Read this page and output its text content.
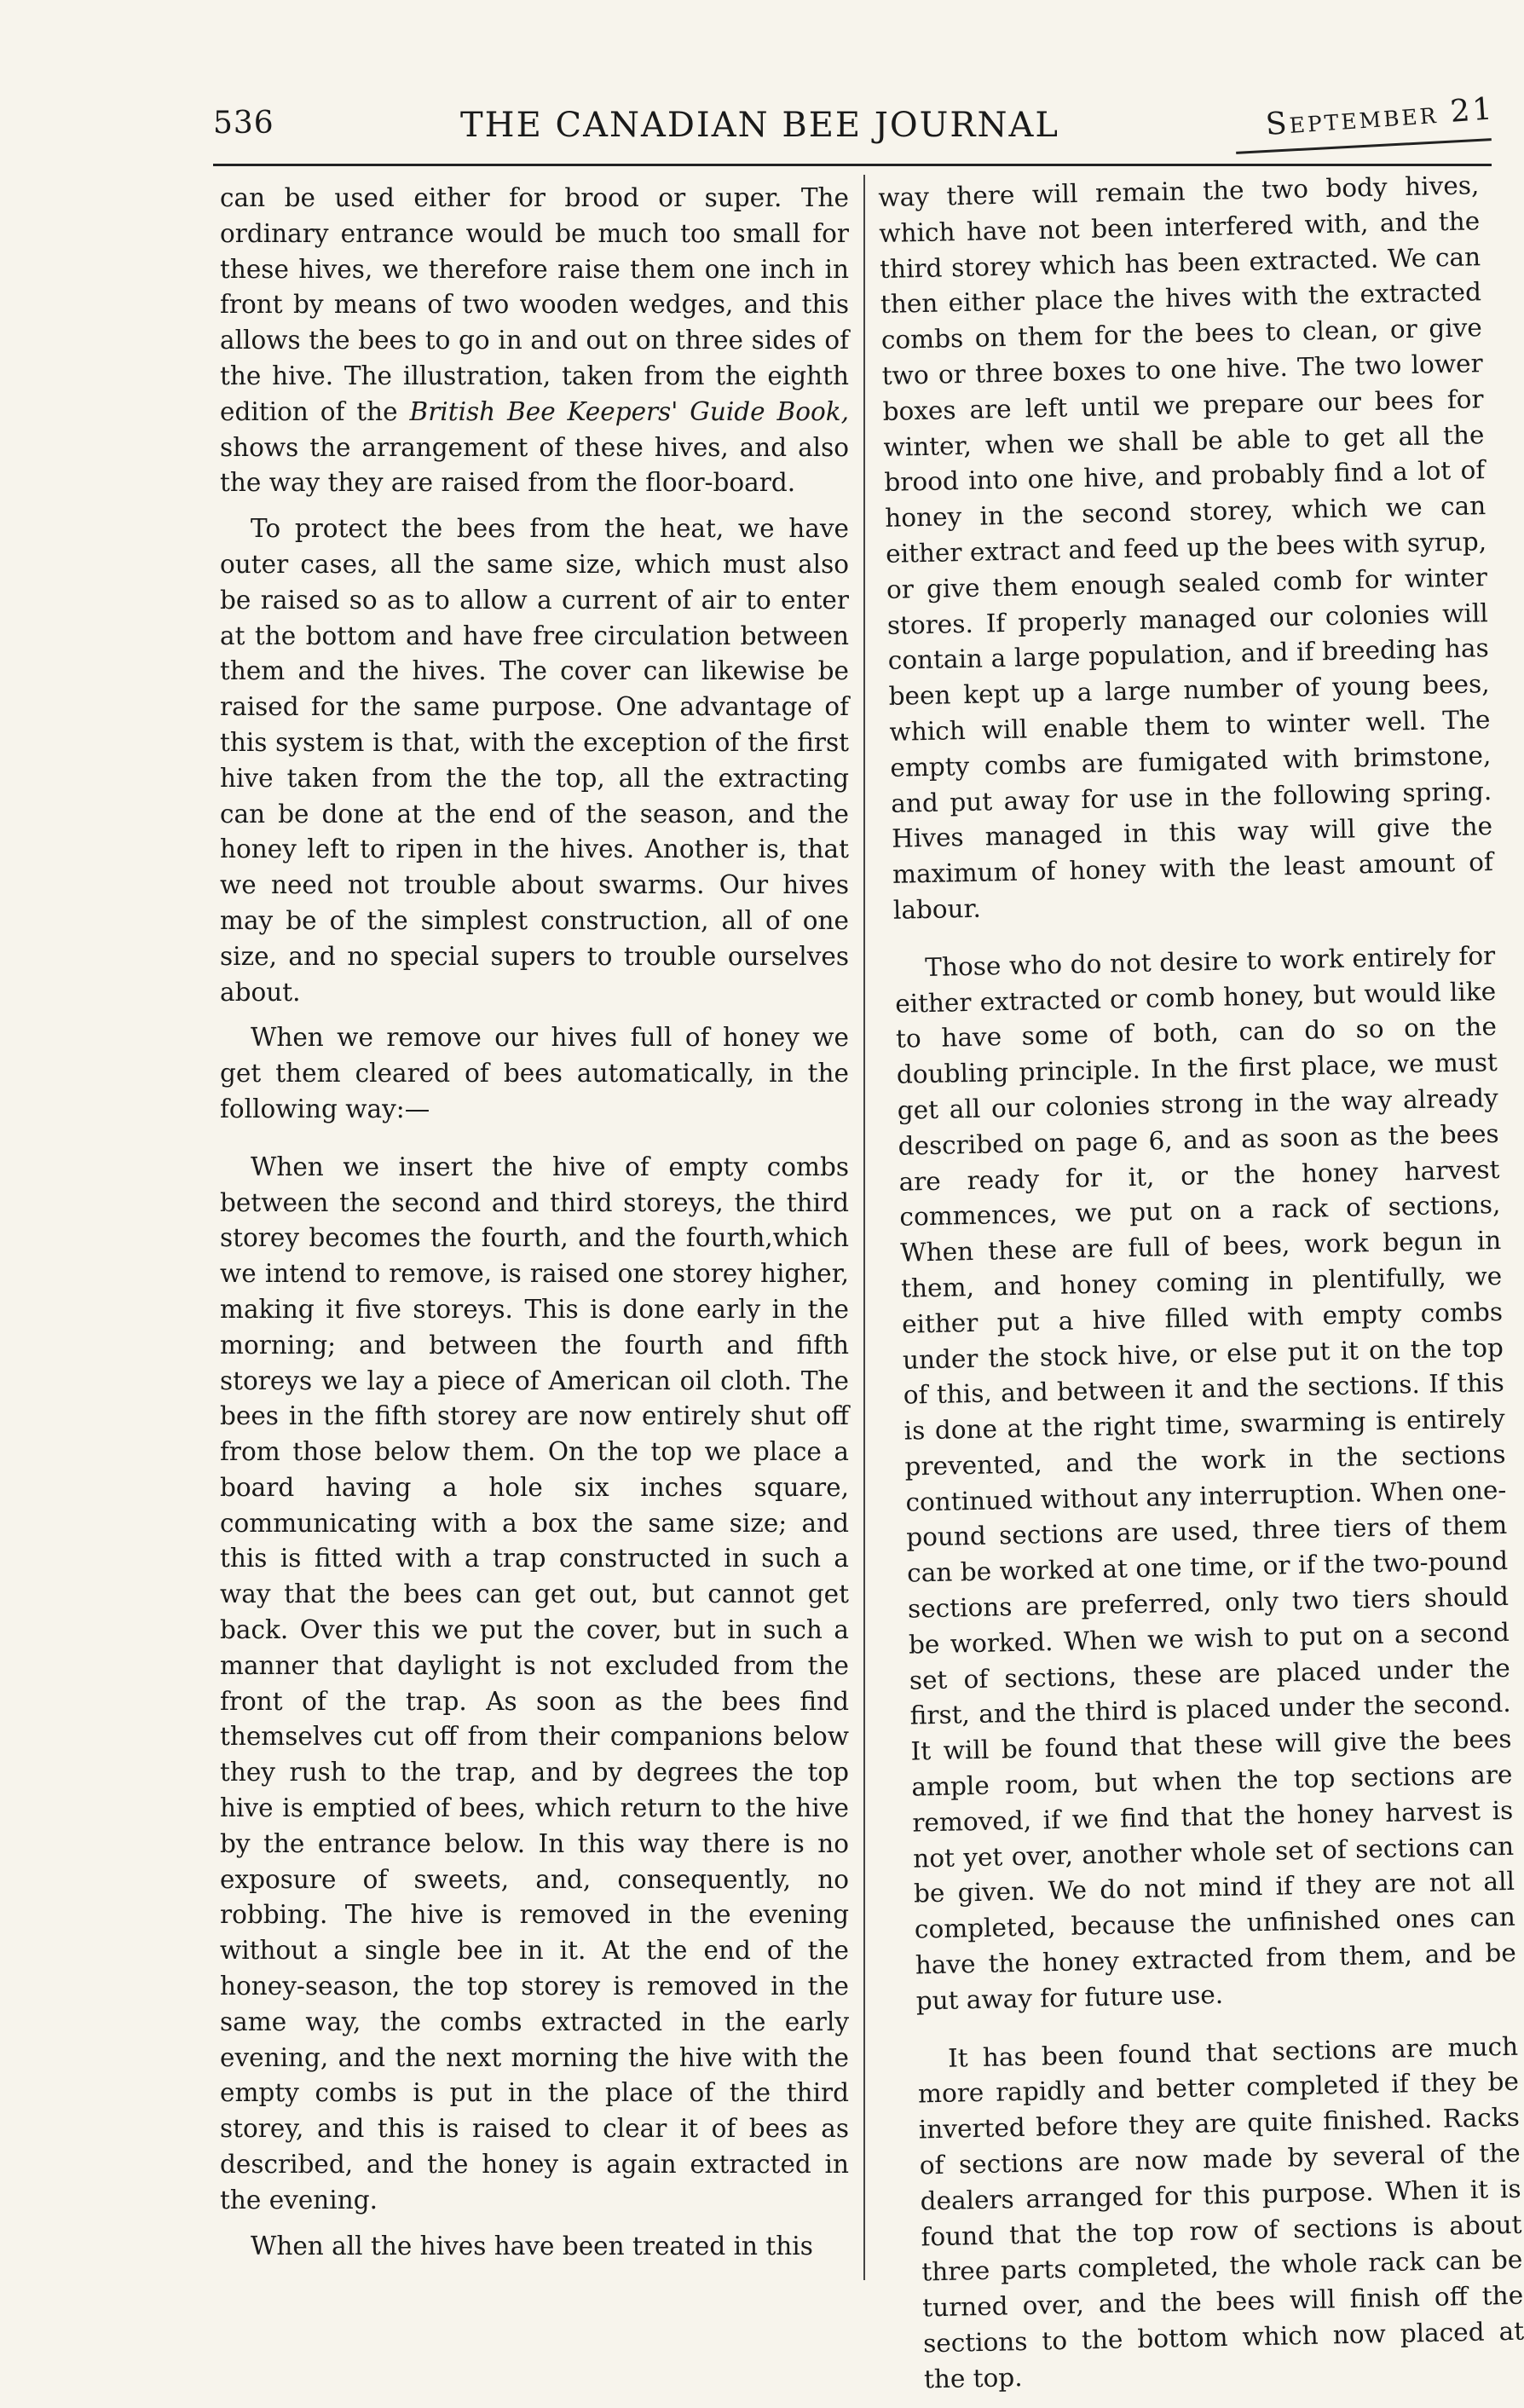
536	THE CANADIAN BEE JOURNAL	September 21

can be used either for brood or super. The ordinary entrance would be much too small for these hives, we therefore raise them one inch in front by means of two wooden wedges, and this allows the bees to go in and out on three sides of the hive. The illustration, taken from the eighth edition of the British Bee Keepers' Guide Book, shows the arrangement of these hives, and also the way they are raised from the floor-board.

To protect the bees from the heat, we have outer cases, all the same size, which must also be raised so as to allow a current of air to enter at the bottom and have free circulation between them and the hives. The cover can likewise be raised for the same purpose. One advantage of this system is that, with the exception of the first hive taken from the the top, all the extracting can be done at the end of the season, and the honey left to ripen in the hives. Another is, that we need not trouble about swarms. Our hives may be of the simplest construction, all of one size, and no special supers to trouble ourselves about.

When we remove our hives full of honey we get them cleared of bees automatically, in the following way:—

When we insert the hive of empty combs between the second and third storeys, the third storey becomes the fourth, and the fourth,which we intend to remove, is raised one storey higher, making it five storeys. This is done early in the morning; and between the fourth and fifth storeys we lay a piece of American oil cloth. The bees in the fifth storey are now entirely shut off from those below them. On the top we place a board having a hole six inches square, communicating with a box the same size; and this is fitted with a trap constructed in such a way that the bees can get out, but cannot get back. Over this we put the cover, but in such a manner that daylight is not excluded from the front of the trap. As soon as the bees find themselves cut off from their companions below they rush to the trap, and by degrees the top hive is emptied of bees, which return to the hive by the entrance below. In this way there is no exposure of sweets, and, consequently, no robbing. The hive is removed in the evening without a single bee in it. At the end of the honey-season, the top storey is removed in the same way, the combs extracted in the early evening, and the next morning the hive with the empty combs is put in the place of the third storey, and this is raised to clear it of bees as described, and the honey is again extracted in the evening.

When all the hives have been treated in this

way there will remain the two body hives, which have not been interfered with, and the third storey which has been extracted. We can then either place the hives with the extracted combs on them for the bees to clean, or give two or three boxes to one hive. The two lower boxes are left until we prepare our bees for winter, when we shall be able to get all the brood into one hive, and probably find a lot of honey in the second storey, which we can either extract and feed up the bees with syrup, or give them enough sealed comb for winter stores. If properly managed our colonies will contain a large population, and if breeding has been kept up a large number of young bees, which will enable them to winter well. The empty combs are fumigated with brimstone, and put away for use in the following spring. Hives managed in this way will give the maximum of honey with the least amount of labour.

Those who do not desire to work entirely for either extracted or comb honey, but would like to have some of both, can do so on the doubling principle. In the first place, we must get all our colonies strong in the way already described on page 6, and as soon as the bees are ready for it, or the honey harvest commences, we put on a rack of sections, When these are full of bees, work begun in them, and honey coming in plentifully, we either put a hive filled with empty combs under the stock hive, or else put it on the top of this, and between it and the sections. If this is done at the right time, swarming is entirely prevented, and the work in the sections continued without any interruption. When one-pound sections are used, three tiers of them can be worked at one time, or if the two-pound sections are preferred, only two tiers should be worked. When we wish to put on a second set of sections, these are placed under the first, and the third is placed under the second. It will be found that these will give the bees ample room, but when the top sections are removed, if we find that the honey harvest is not yet over, another whole set of sections can be given. We do not mind if they are not all completed, because the unfinished ones can have the honey extracted from them, and be put away for future use.

It has been found that sections are much more rapidly and better completed if they be inverted before they are quite finished. Racks of sections are now made by several of the dealers arranged for this purpose. When it is found that the top row of sections is about three parts completed, the whole rack can be turned over, and the bees will finish off the sections to the bottom which now placed at the top.
